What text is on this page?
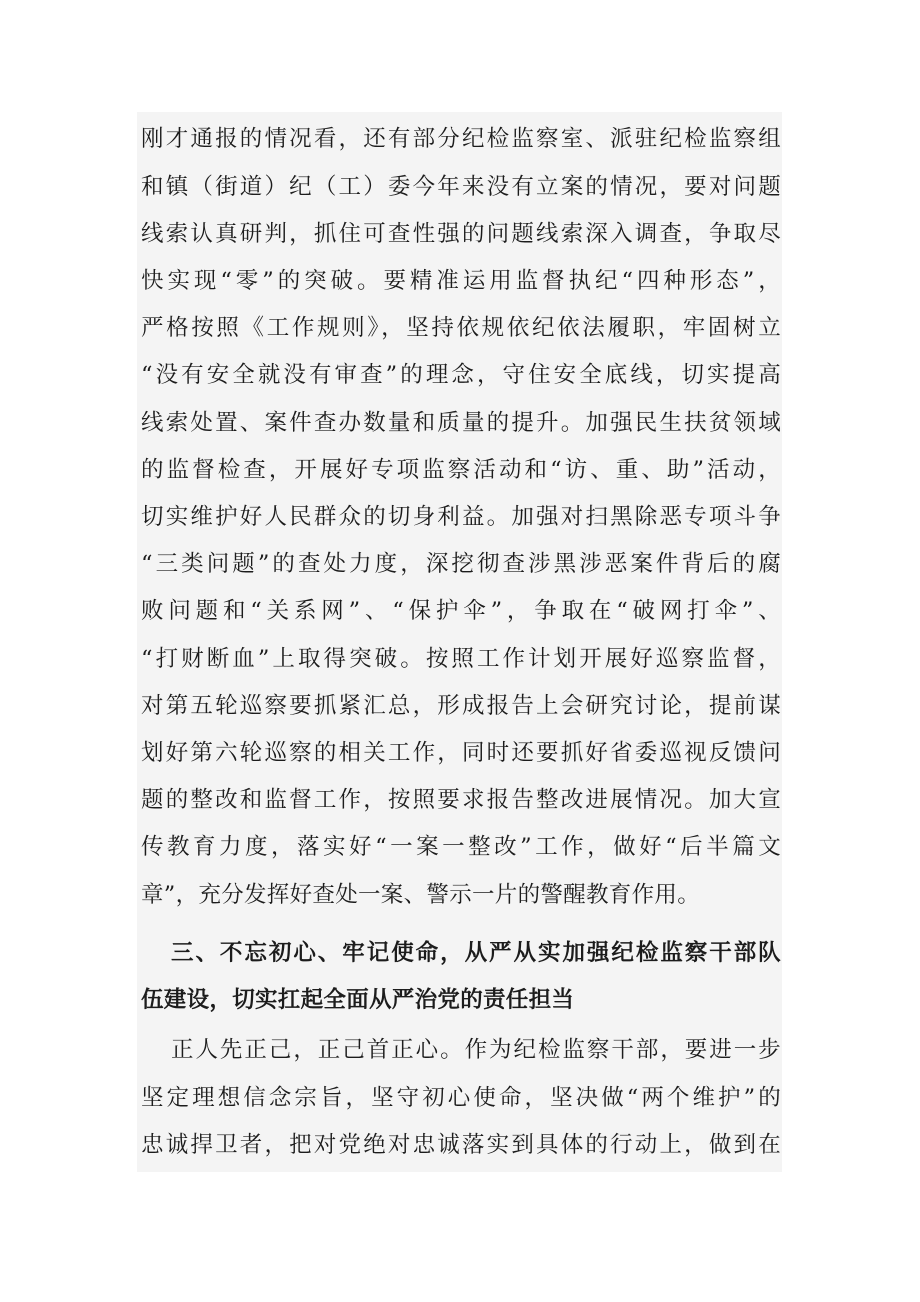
刚才通报的情况看，还有部分纪检监察室、派驻纪检监察组
和镇（街道）纪（工）委今年来没有立案的情况，要对问题
线索认真研判，抓住可查性强的问题线索深入调查，争取尽
快实现“零”的突破。要精准运用监督执纪“四种形态”，
严格按照《工作规则》，坚持依规依纪依法履职，牢固树立
“没有安全就没有审查”的理念，守住安全底线，切实提高
线索处置、案件查办数量和质量的提升。加强民生扶贫领域
的监督检查，开展好专项监察活动和“访、重、助”活动，
切实维护好人民群众的切身利益。加强对扫黑除恶专项斗争
“三类问题”的查处力度，深挖彻查涉黑涉恶案件背后的腐
败问题和“关系网”、“保护伞”，争取在“破网打伞”、
“打财断血”上取得突破。按照工作计划开展好巡察监督，
对第五轮巡察要抓紧汇总，形成报告上会研究讨论，提前谋
划好第六轮巡察的相关工作，同时还要抓好省委巡视反馈问
题的整改和监督工作，按照要求报告整改进展情况。加大宣
传教育力度，落实好“一案一整改”工作，做好“后半篇文
章”，充分发挥好查处一案、警示一片的警醒教育作用。
三、不忘初心、牢记使命，从严从实加强纪检监察干部队
伍建设，切实扛起全面从严治党的责任担当
正人先正己，正己首正心。作为纪检监察干部，要进一步
坚定理想信念宗旨，坚守初心使命，坚决做“两个维护”的
忠诚捍卫者，把对党绝对忠诚落实到具体的行动上，做到在
